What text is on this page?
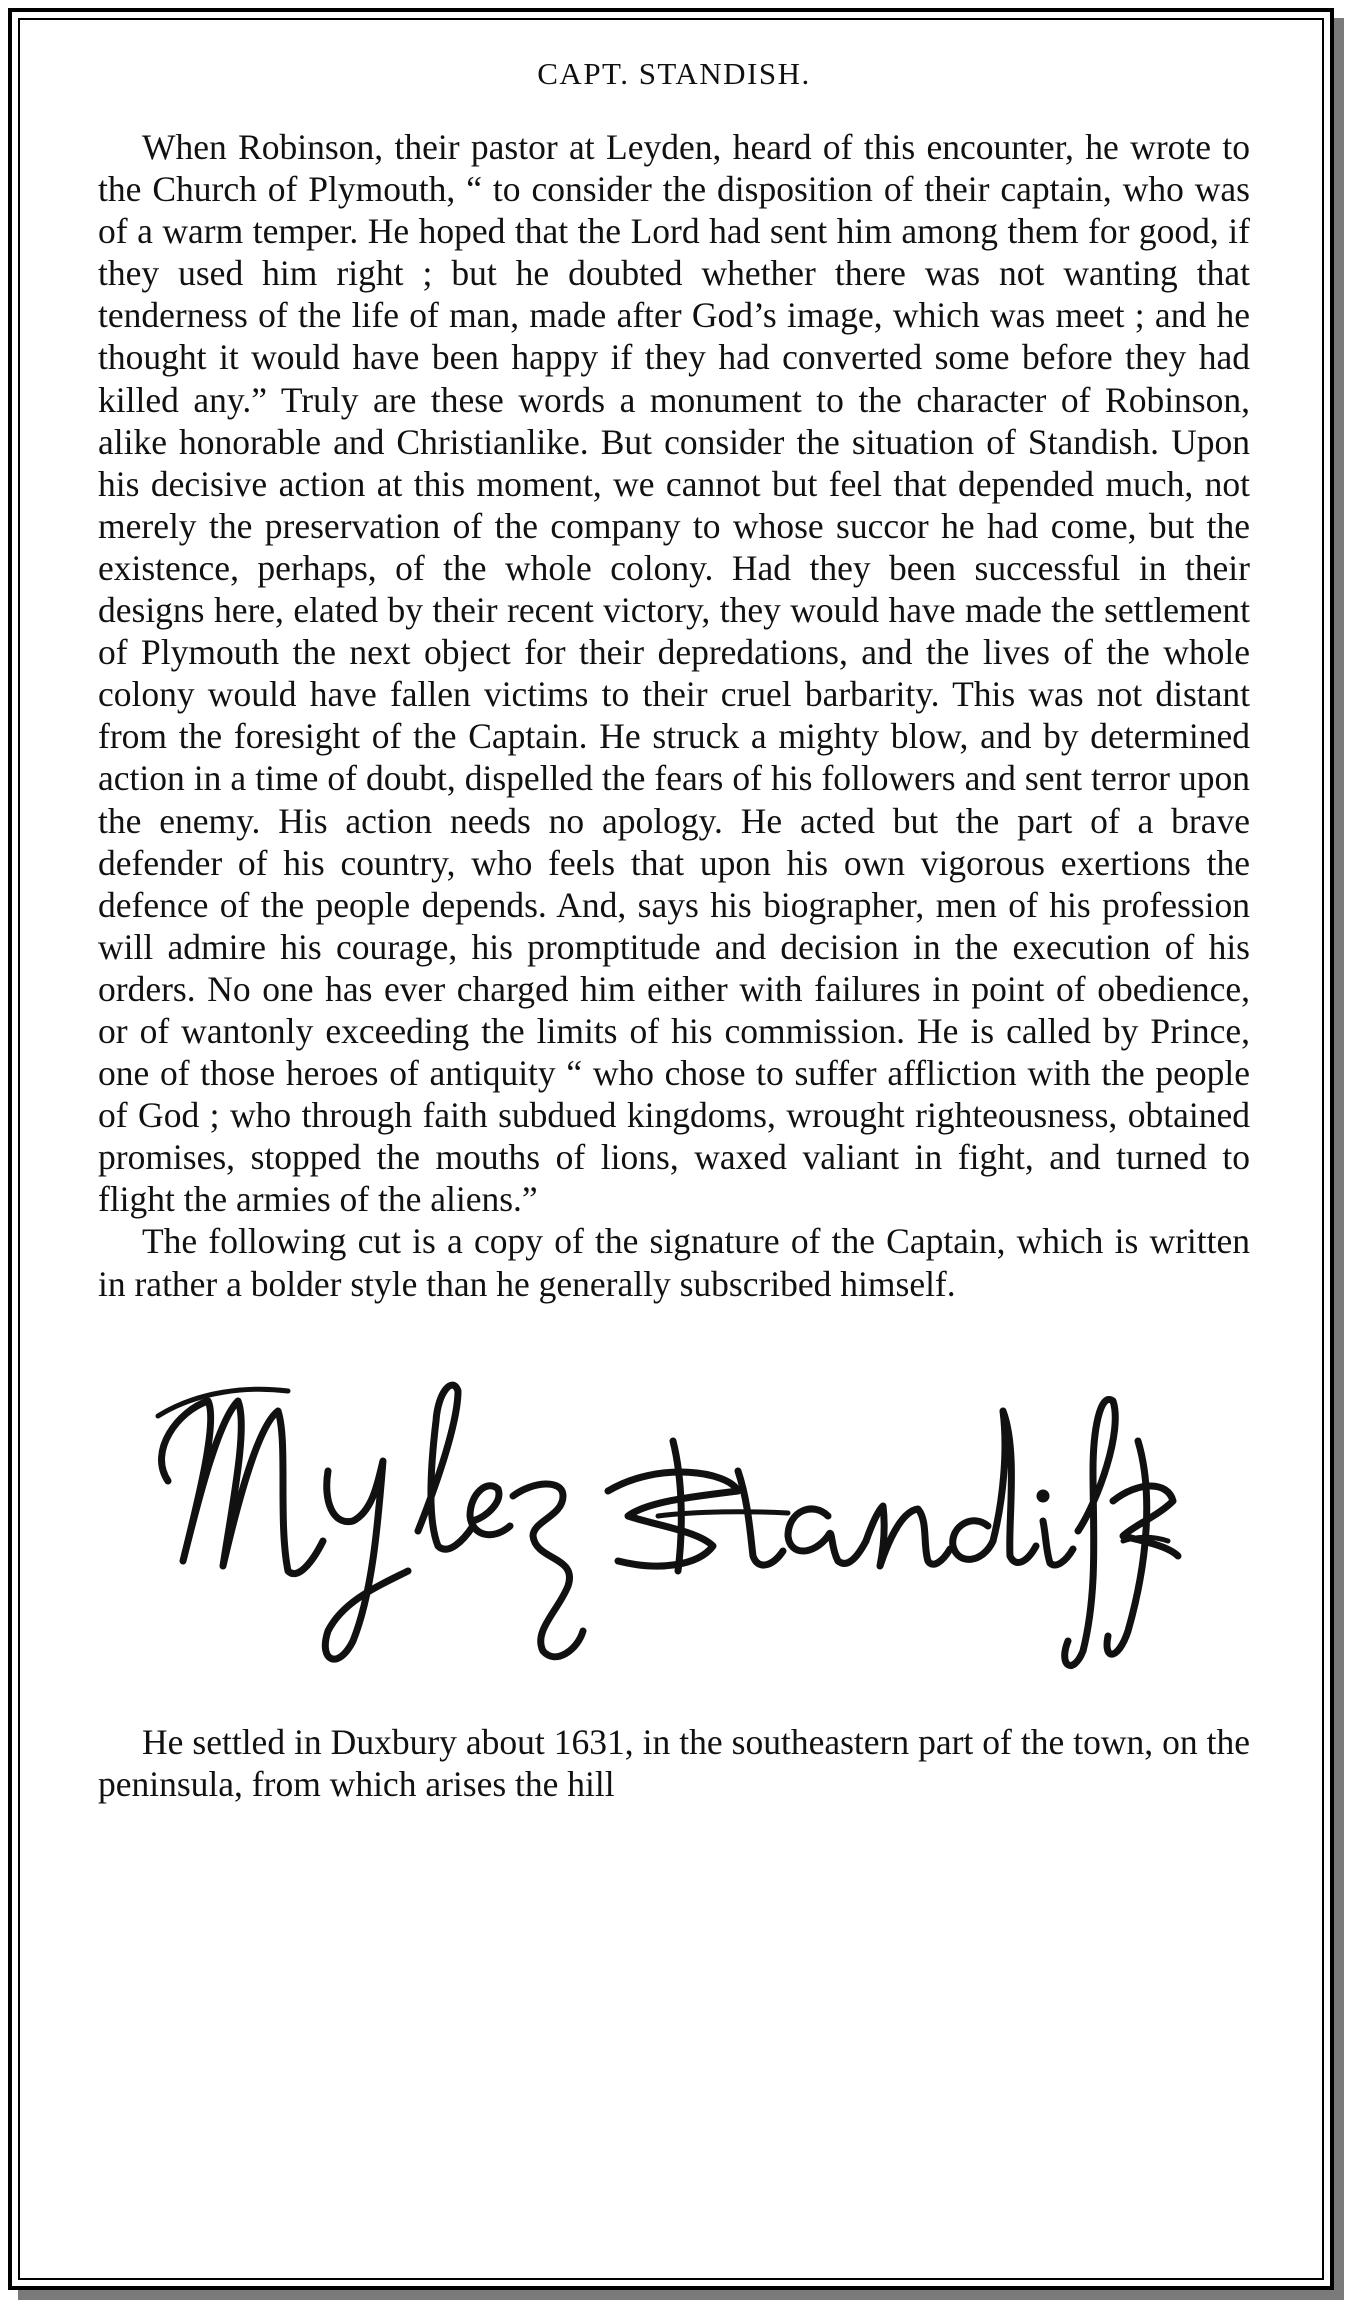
CAPT. STANDISH.

When Robinson, their pastor at Leyden, heard of this encounter, he wrote to the Church of Plymouth, “ to consider the disposition of their captain, who was of a warm temper. He hoped that the Lord had sent him among them for good, if they used him right ; but he doubted whether there was not wanting that tenderness of the life of man, made after God’s image, which was meet ; and he thought it would have been happy if they had converted some before they had killed any.” Truly are these words a monument to the character of Robinson, alike honorable and Christianlike. But consider the situation of Standish. Upon his decisive action at this moment, we cannot but feel that depended much, not merely the preservation of the company to whose succor he had come, but the existence, perhaps, of the whole colony. Had they been successful in their designs here, elated by their recent victory, they would have made the settlement of Plymouth the next object for their depredations, and the lives of the whole colony would have fallen victims to their cruel barbarity. This was not distant from the foresight of the Captain. He struck a mighty blow, and by determined action in a time of doubt, dispelled the fears of his followers and sent terror upon the enemy. His action needs no apology. He acted but the part of a brave defender of his country, who feels that upon his own vigorous exertions the defence of the people depends. And, says his biographer, men of his profession will admire his courage, his promptitude and decision in the execution of his orders. No one has ever charged him either with failures in point of obedience, or of wantonly exceeding the limits of his commission. He is called by Prince, one of those heroes of antiquity “ who chose to suffer affliction with the people of God ; who through faith subdued kingdoms, wrought righteousness, obtained promises, stopped the mouths of lions, waxed valiant in fight, and turned to flight the armies of the aliens.”

The following cut is a copy of the signature of the Captain, which is written in rather a bolder style than he generally subscribed himself.

He settled in Duxbury about 1631, in the southeastern part of the town, on the peninsula, from which arises the hill
